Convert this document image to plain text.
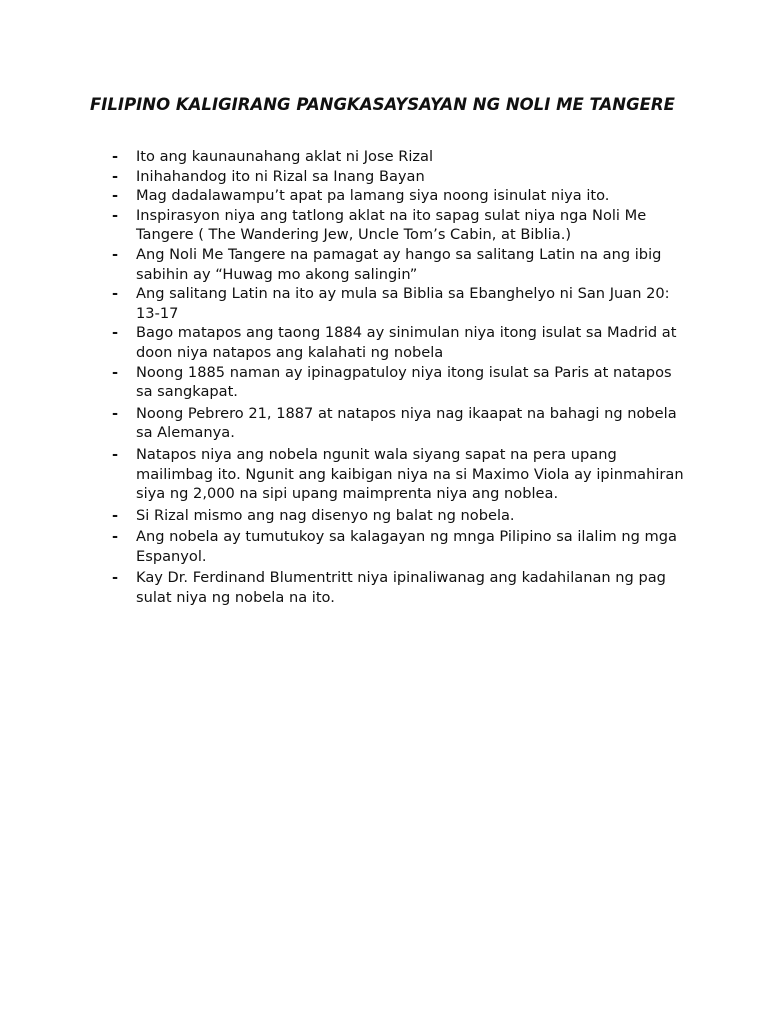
FILIPINO KALIGIRANG PANGKASAYSAYAN NG NOLI ME TANGERE
-	Ito ang kaunaunahang aklat ni Jose Rizal
-	Inihahandog ito ni Rizal sa Inang Bayan
-	Mag dadalawampu’t apat pa lamang siya noong isinulat niya ito.
-	Inspirasyon niya ang tatlong aklat na ito sapag sulat niya nga Noli Me Tangere ( The Wandering Jew, Uncle Tom’s Cabin, at Biblia.)
-	Ang Noli Me Tangere na pamagat ay hango sa salitang Latin na ang ibig sabihin ay “Huwag mo akong salingin”
-	Ang salitang Latin na ito ay mula sa Biblia sa Ebanghelyo ni San Juan 20: 13-17
-	Bago matapos ang taong 1884 ay sinimulan niya itong isulat sa Madrid at doon niya natapos ang kalahati ng nobela
-	Noong 1885 naman ay ipinagpatuloy niya itong isulat sa Paris at natapos sa sangkapat.
-	Noong Pebrero 21, 1887 at natapos niya nag ikaapat na bahagi ng nobela sa Alemanya.
-	Natapos niya ang nobela ngunit wala siyang sapat na pera upang mailimbag ito. Ngunit ang kaibigan niya na si Maximo Viola ay ipinmahiran siya ng 2,000 na sipi upang maimprenta niya ang noblea.
-	Si Rizal mismo ang nag disenyo ng balat ng nobela.
-	Ang nobela ay tumutukoy sa kalagayan ng mnga Pilipino sa ilalim ng mga Espanyol.
-	Kay Dr. Ferdinand Blumentritt niya ipinaliwanag ang kadahilanan ng pag sulat niya ng nobela na ito.
